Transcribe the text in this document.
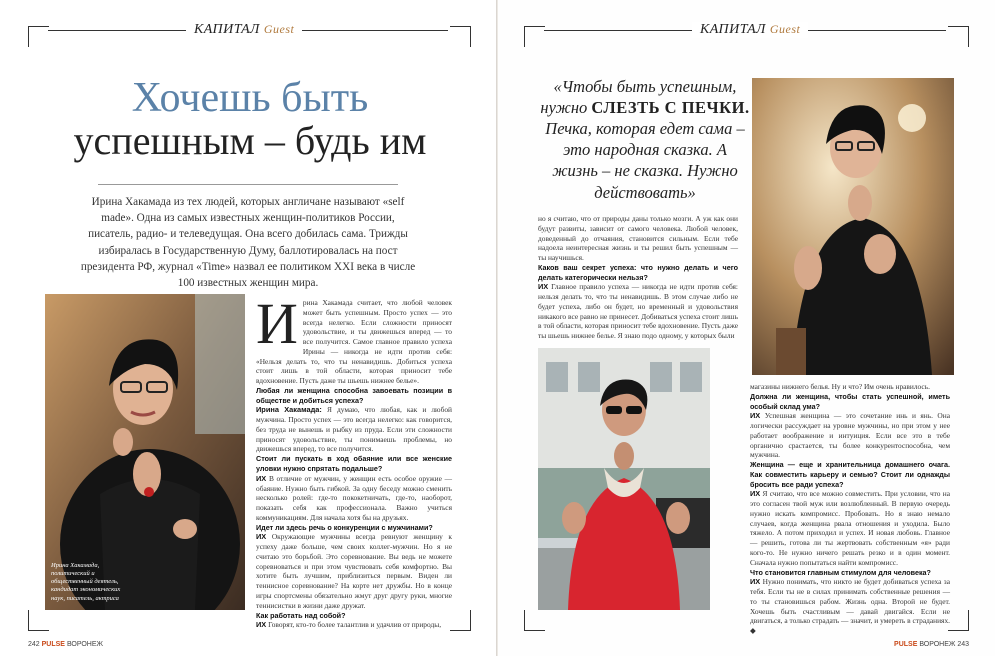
КАПИТАЛ Guest
Хочешь быть
успешным – будь им
Ирина Хакамада из тех людей, которых англичане называют «self made». Одна из самых известных женщин-политиков России, писатель, радио- и телеведущая. Она всего добилась сама. Трижды избиралась в Государственную Думу, баллотировалась на пост президента РФ, журнал «Time» назвал ее политиком XXI века в числе 100 известных женщин мира.
Ирина Хакамада, политический и общественный деятель, кандидат экономических наук, писатель, актриса

Ирина Хакамада считает, что любой человек может быть успешным. Просто успех — это всегда нелегко. Если сложности приносят удовольствие, и ты движешься вперед — то все получится. Самое главное правило успеха Ирины — никогда не идти против себя: «Нельзя делать то, что ты ненавидишь. Добиться успеха стоит лишь в той области, которая приносит тебе вдохновение. Пусть даже ты шьешь нижнее белье».

Любая ли женщина способна завоевать позиции в обществе и добиться успеха?

Ирина Хакамада: Я думаю, что любая, как и любой мужчина. Просто успех — это всегда нелегко: как говорится, без труда не вынешь и рыбку из пруда. Если эти сложности приносят удовольствие, ты понимаешь проблемы, но движешься вперед, то все получится.

Стоит ли пускать в ход обаяние или все женские уловки нужно спрятать подальше?

ИХ В отличие от мужчин, у женщин есть особое оружие — обаяние. Нужно быть гибкой. За одну беседу можно сменить несколько ролей: где-то пококетничать, где-то, наоборот, показать себя как профессионала. Важно учиться коммуникациям. Для начала хотя бы на друзьях.

Идет ли здесь речь о конкуренции с мужчинами?

ИХ Окружающие мужчины всегда ревнуют женщину к успеху даже больше, чем своих коллег-мужчин. Но я не считаю это борьбой. Это соревнование. Вы ведь не можете соревноваться и при этом чувствовать себя комфортно. Вы хотите быть лучшим, приблизиться первым. Виден ли теннисное соревнование? На корте нет дружбы. Но в конце игры спортсмены обязательно жмут друг другу руки, многие теннисистки в жизни даже дружат.

Как работать над собой?

ИХ Говорят, кто-то более талантлив и удачлив от природы,

242 PULSE ВОРОНЕЖ
КАПИТАЛ Guest
«Чтобы быть успешным, нужно СЛЕЗТЬ С ПЕЧКИ. Печка, которая едет сама – это народная сказка. А жизнь – не сказка. Нужно действовать»

но я считаю, что от природы даны только мозги. А уж как они будут развиты, зависит от самого человека. Любой человек, доведенный до отчаяния, становится сильным. Если тебе надоела неинтересная жизнь и ты решил быть успешным — ты научишься.

Каков ваш секрет успеха: что нужно делать и чего делать категорически нельзя?

ИХ Главное правило успеха — никогда не идти против себя: нельзя делать то, что ты ненавидишь. В этом случае либо не будет успеха, либо он будет, но временный и удовольствия никакого все равно не принесет. Добиваться успеха стоит лишь в той области, которая приносит тебе вдохновение. Пусть даже ты шьешь нижнее белье. Я знаю подо одному, у которых были

магазины нижнего белья. Ну и что? Им очень нравилось.

Должна ли женщина, чтобы стать успешной, иметь особый склад ума?

ИХ Успешная женщина — это сочетание инь и янь. Она логически рассуждает на уровне мужчины, но при этом у нее работает воображение и интуиция. Если все это в тебе органично срастается, ты более конкурентоспособна, чем мужчина.

Женщина — еще и хранительница домашнего очага. Как совместить карьеру и семью? Стоит ли однажды бросить все ради успеха?

ИХ Я считаю, что все можно совместить. При условии, что на это согласен твой муж или возлюбленный. В первую очередь нужно искать компромисс. Пробовать. Но я знаю немало случаев, когда женщина рвала отношения и уходила. Было тяжело. А потом приходил и успех. И новая любовь. Главное — решить, готова ли ты жертвовать собственным «я» ради кого-то. Не нужно ничего решать резко и в один момент. Сначала нужно попытаться найти компромисс.

Что становится главным стимулом для человека?

ИХ Нужно понимать, что никто не будет добиваться успеха за тебя. Если ты не в силах принимать собственные решения — то ты становишься рабом. Жизнь одна. Второй не будет. Хочешь быть счастливым — давай двигайся. Если не двигаться, а только страдать — значит, и умереть в страданиях. ◆

PULSE ВОРОНЕЖ 243
